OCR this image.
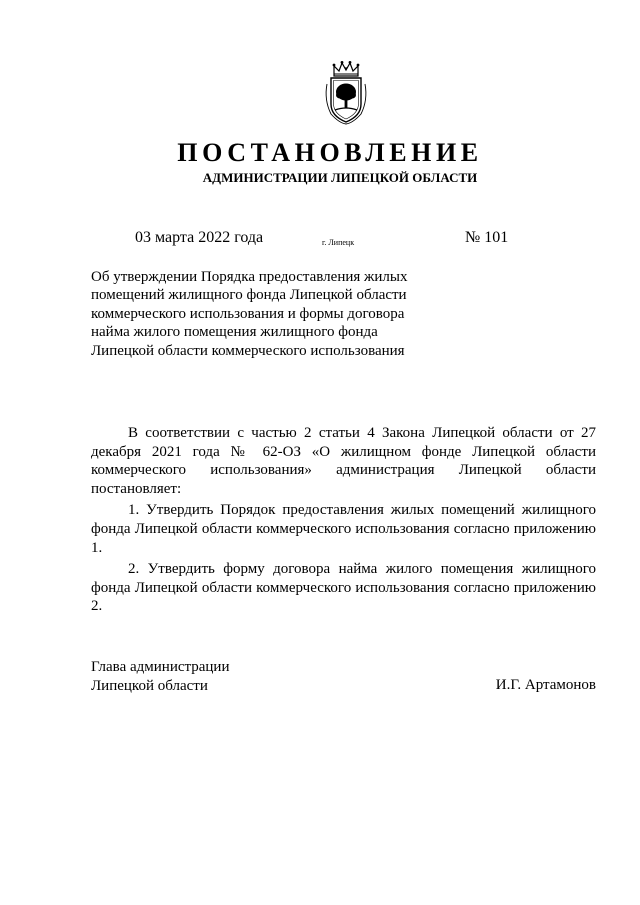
ПОСТАНОВЛЕНИЕ
АДМИНИСТРАЦИИ ЛИПЕЦКОЙ ОБЛАСТИ
03 марта 2022 года	г. Липецк	№ 101
Об утверждении Порядка предоставления жилых
помещений жилищного фонда Липецкой области
коммерческого использования и формы договора
найма жилого помещения жилищного фонда
Липецкой области коммерческого использования

В соответствии с частью 2 статьи 4 Закона Липецкой области от 27 декабря 2021 года № 62-ОЗ «О жилищном фонде Липецкой области коммерческого использования» администрация Липецкой области постановляет:

1. Утвердить Порядок предоставления жилых помещений жилищного фонда Липецкой области коммерческого использования согласно приложению 1.

2. Утвердить форму договора найма жилого помещения жилищного фонда Липецкой области коммерческого использования согласно приложению 2.

Глава администрации
Липецкой области	И.Г. Артамонов
